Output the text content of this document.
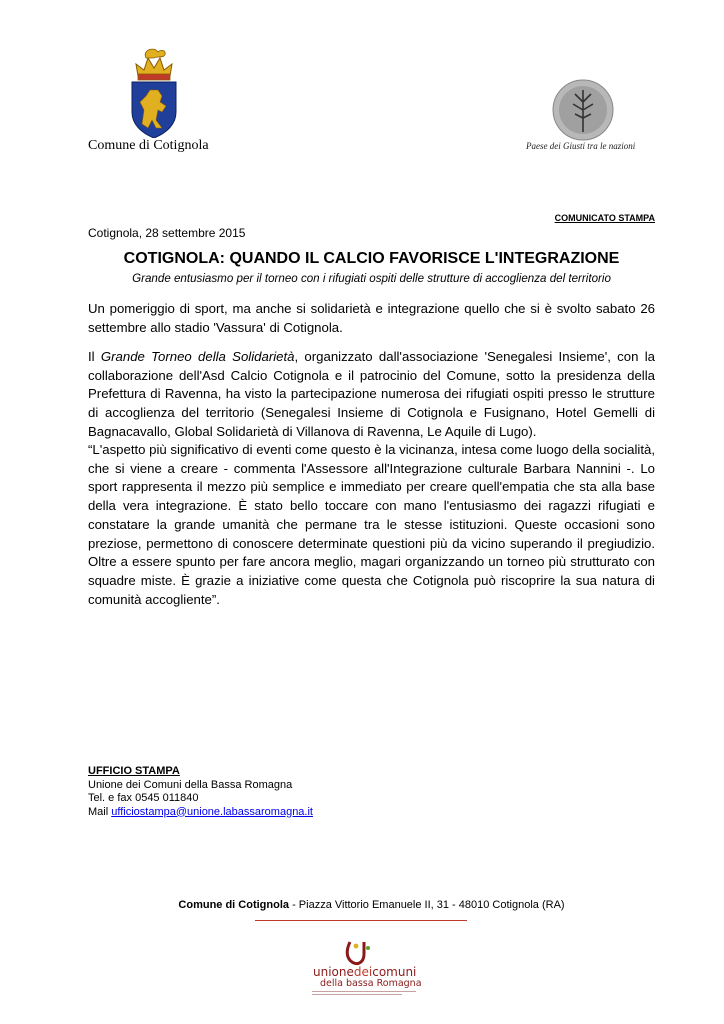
Comune di Cotignola	Paese dei Giusti tra le nazioni
COMUNICATO STAMPA
Cotignola, 28 settembre 2015
COTIGNOLA: QUANDO IL CALCIO FAVORISCE L'INTEGRAZIONE
Grande entusiasmo per il torneo con i rifugiati ospiti delle strutture di accoglienza del territorio
Un pomeriggio di sport, ma anche si solidarietà e integrazione quello che si è svolto sabato 26 settembre allo stadio 'Vassura' di Cotignola.
Il Grande Torneo della Solidarietà, organizzato dall'associazione 'Senegalesi Insieme', con la collaborazione dell'Asd Calcio Cotignola e il patrocinio del Comune, sotto la presidenza della Prefettura di Ravenna, ha visto la partecipazione numerosa dei rifugiati ospiti presso le strutture di accoglienza del territorio (Senegalesi Insieme di Cotignola e Fusignano, Hotel Gemelli di Bagnacavallo, Global Solidarietà di Villanova di Ravenna, Le Aquile di Lugo).
“L'aspetto più significativo di eventi come questo è la vicinanza, intesa come luogo della socialità, che si viene a creare - commenta l'Assessore all'Integrazione culturale Barbara Nannini -. Lo sport rappresenta il mezzo più semplice e immediato per creare quell'empatia che sta alla base della vera integrazione. È stato bello toccare con mano l'entusiasmo dei ragazzi rifugiati e constatare la grande umanità che permane tra le stesse istituzioni. Queste occasioni sono preziose, permettono di conoscere determinate questioni più da vicino superando il pregiudizio. Oltre a essere spunto per fare ancora meglio, magari organizzando un torneo più strutturato con squadre miste. È grazie a iniziative come questa che Cotignola può riscoprire la sua natura di comunità accogliente”.
UFFICIO STAMPA
Unione dei Comuni della Bassa Romagna
Tel. e fax 0545 011840
Mail ufficiostampa@unione.labassaromagna.it
Comune di Cotignola - Piazza Vittorio Emanuele II, 31 - 48010 Cotignola (RA)
unionedeicomuni
della bassa Romagna
